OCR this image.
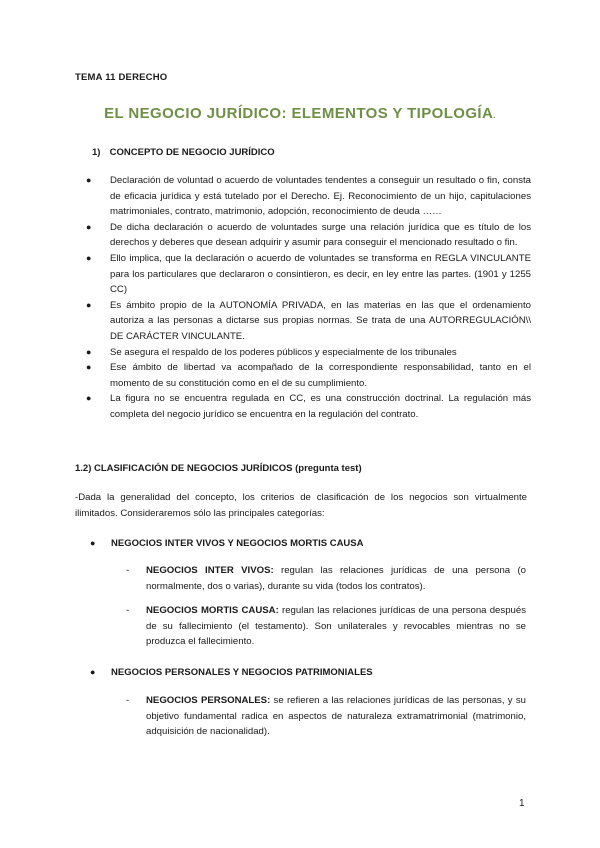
TEMA 11 DERECHO
EL NEGOCIO JURÍDICO: ELEMENTOS Y TIPOLOGÍA.
1) CONCEPTO DE NEGOCIO JURÍDICO
● Declaración de voluntad o acuerdo de voluntades tendentes a conseguir un resultado o fin, consta de eficacia jurídica y está tutelado por el Derecho. Ej. Reconocimiento de un hijo, capitulaciones matrimoniales, contrato, matrimonio, adopción, reconocimiento de deuda ……
● De dicha declaración o acuerdo de voluntades surge una relación jurídica que es título de los derechos y deberes que desean adquirir y asumir para conseguir el mencionado resultado o fin.
● Ello implica, que la declaración o acuerdo de voluntades se transforma en REGLA VINCULANTE para los particulares que declararon o consintieron, es decir, en ley entre las partes. (1901 y 1255 CC)
● Es ámbito propio de la AUTONOMÍA PRIVADA, en las materias en las que el ordenamiento autoriza a las personas a dictarse sus propias normas. Se trata de una AUTORREGULACIÓN\\ DE CARÁCTER VINCULANTE.
● Se asegura el respaldo de los poderes públicos y especialmente de los tribunales
● Ese ámbito de libertad va acompañado de la correspondiente responsabilidad, tanto en el momento de su constitución como en el de su cumplimiento.
● La figura no se encuentra regulada en CC, es una construcción doctrinal. La regulación más completa del negocio jurídico se encuentra en la regulación del contrato.
1.2) CLASIFICACIÓN DE NEGOCIOS JURÍDICOS (pregunta test)
-Dada la generalidad del concepto, los criterios de clasificación de los negocios son virtualmente ilimitados. Consideraremos sólo las principales categorías:
● NEGOCIOS INTER VIVOS Y NEGOCIOS MORTIS CAUSA
- NEGOCIOS INTER VIVOS: regulan las relaciones jurídicas de una persona (o normalmente, dos o varias), durante su vida (todos los contratos).
- NEGOCIOS MORTIS CAUSA: regulan las relaciones jurídicas de una persona después de su fallecimiento (el testamento). Son unilaterales y revocables mientras no se produzca el fallecimiento.
● NEGOCIOS PERSONALES Y NEGOCIOS PATRIMONIALES
- NEGOCIOS PERSONALES: se refieren a las relaciones jurídicas de las personas, y su objetivo fundamental radica en aspectos de naturaleza extramatrimonial (matrimonio, adquisición de nacionalidad).
1
